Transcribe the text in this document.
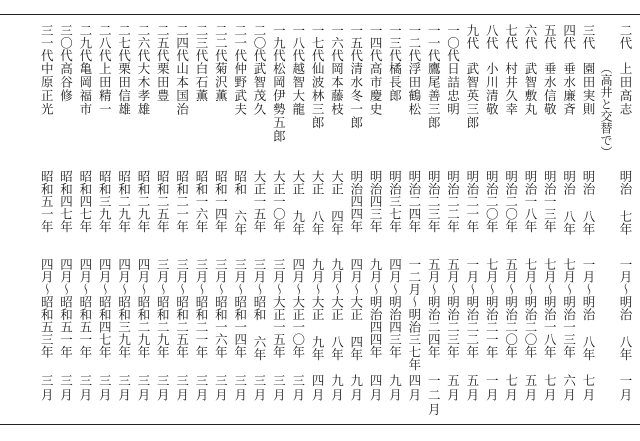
二代
上田高志
明治 七年
一月〜明治 八年
一月
（高井と交替で）
三代
園田実則
明治 八年
一月〜明治 八年
七月
四代
垂水廉斉
明治 八年
七月〜明治一三年
六月
五代
垂水信敬
明治一三年
七月〜明治一八年
七月
六代
武智敷丸
明治一八年
七月〜明治二〇年
五月
七代
村井久幸
明治二〇年
五月〜明治二〇年
七月
八代
小川清敬
明治二〇年
七月〜明治二一年
一月
九代
武智英三郎
明治二一年
一月〜明治二二年
五月
一〇代
日詰忠明
明治二二年
五月〜明治二三年
五月
一一代
鷹尾善三郎
明治二三年
五月〜明治二四年
一二月
一二代
浮田鶴松
明治二四年
一二月〜明治三七年
四月
一三代
橘長郎
明治三七年
四月〜明治四三年
九月
一四代
高市慶史
明治四三年
九月〜明治四四年
四月
一五代
清水冬一郎
明治四四年
四月〜大正 四年
九月
一六代
岡本藤枝
大正 四年
九月〜大正 八年
九月
一七代
仙波林三郎
大正 八年
九月〜大正 九年
四月
一八代
越智大龍
大正 九年
四月〜大正一〇年
三月
一九代
松岡伊勢五郎
大正一〇年
三月〜大正一五年
三月
二〇代
武智茂久
大正一五年
三月〜昭和 六年
三月
二一代
仲野武夫
昭和 六年
三月〜昭和一四年
三月
二二代
菊沢薫
昭和一四年
三月〜昭和一六年
三月
二三代
白石薫
昭和一六年
三月〜昭和二一年
三月
二四代
山本国治
昭和二一年
三月〜昭和二五年
三月
二五代
栗田豊
昭和二五年
三月〜昭和二九年
三月
二六代
大木孝雄
昭和二九年
四月〜昭和二九年
三月
二七代
栗田信雄
昭和二九年
四月〜昭和三九年
三月
二八代
上田精一
昭和三九年
四月〜昭和四七年
三月
二九代
亀岡福市
昭和四七年
四月〜昭和五一年
三月
三〇代
高谷修
昭和四七年
四月〜昭和五一年
三月
三一代
中原正光
昭和五一年
四月〜昭和五三年
三月
